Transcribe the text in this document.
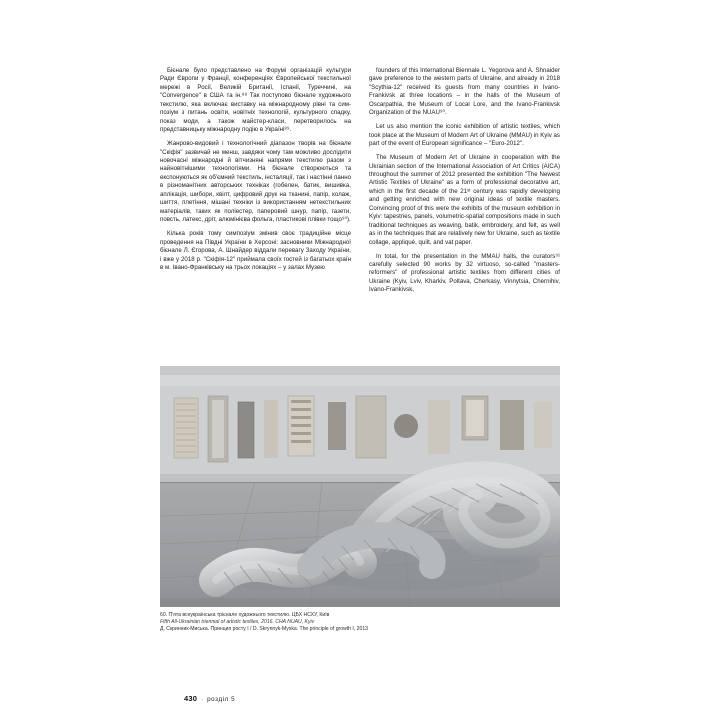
Бієнале було представлено на Форумі організацій культури Ради Європи у Франції, конференціях Європейської текстильної мережі в Росії, Великій Британії, Іспанії, Туреччині, на "Convergence" в США та ін.⁸⁸ Так поступово бієнале художнього текстилю, яка включає виставку на міжнародному рівні та симпозіум з питань освіти, новітніх технологій, культурного спадку, показ моди, а також майстер-класи, перетворилось на представницьку міжнародну подію в Україні⁸⁹.

Жанрово-видовий і технологічний діапазон творів на бієнале "Скіфія" зазвичай не менш, завдяки чому там можливо дослідити новочасні міжнародні й вітчизняні напрями текстилю разом з найновітнішими технологіями. На бієнале створюються та експонуються як об'ємний текстиль, інсталяції, так і настінні панно в різноманітних авторських техніках (гобелен, батик, вишивка, аплікація, шибори, квілт, цифровий друк на тканині, папір, колаж, шиття, плетіння, мішані техніки із використанням нетекстильних матеріалів, таких як поліестер, паперовий шнур, папір, газети, повсть, латекс, дріт, алюмінієва фольга, пластикові плівки тощо⁹⁰).

Кілька років тому симпозіум змінив своє традиційне місце проведення на Півдні України в Херсоні: засновники Міжнародної бієнале Л. Єгорова, А. Шнайдер віддали перевагу Заходу України, і вже у 2018 р. "Скіфія-12" приймала своїх гостей із багатьох країн в м. Івано-Франківську на трьох локаціях – у залах Музею

founders of this International Biennale L. Yegorova and A. Shnaider gave preference to the western parts of Ukraine, and already in 2018 "Scythia-12" received its guests from many countries in Ivano-Frankivsk at three locations – in the halls of the Museum of Oscarpathia, the Museum of Local Lore, and the Ivano-Frankivsk Organization of the NUAU⁹⁰.

Let us also mention the iconic exhibition of artistic textiles, which took place at the Museum of Modern Art of Ukraine (MMAU) in Kyiv as part of the event of European significance – "Euro-2012".

The Museum of Modern Art of Ukraine in cooperation with the Ukrainian section of the International Association of Art Critics (AICA) throughout the summer of 2012 presented the exhibition "The Newest Artistic Textiles of Ukraine" as a form of professional decorative art, which in the first decade of the 21ˢᵗ century was rapidly developing and getting enriched with new original ideas of textile masters. Convincing proof of this were the exhibits of the museum exhibition in Kyiv: tapestries, panels, volumetric-spatial compositions made in such traditional techniques as weaving, batik, embroidery, and felt, as well as in the techniques that are relatively new for Ukraine, such as textile collage, appliqué, quilt, and vat paper.

In total, for the presentation in the MMAU halls, the curators⁹¹ carefully selected 90 works by 32 virtuoso, so-called "masters-reformers" of professional artistic textiles from different cities of Ukraine (Kyiv, Lviv, Kharkiv, Poltava, Cherkasy, Vinnytsia, Chernihiv, Ivano-Frankivsk,

60. П'ята всеукраїнська трієнале художнього текстилю. ЦБХ НСХУ, Київ
Fifth All-Ukrainian triennial of artistic textiles, 2016. CHA NUAU, Kyiv
Д. Скринник-Миська. Принцип росту I / D. Skrynnyk-Myska. The principle of growth I, 2013
430 · розділ 5
